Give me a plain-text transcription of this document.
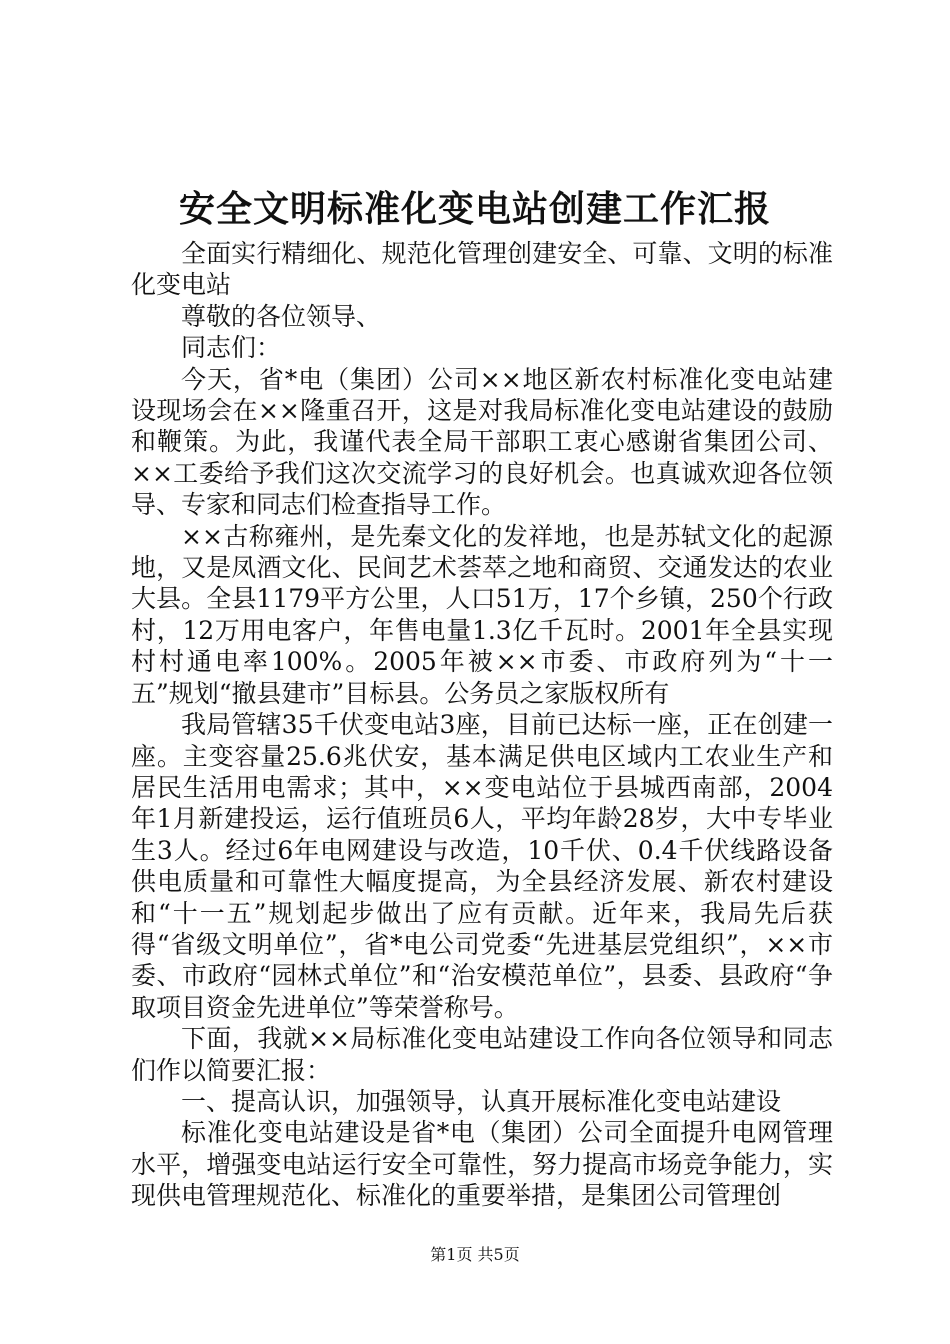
安全文明标准化变电站创建工作汇报

全面实行精细化、规范化管理创建安全、可靠、文明的标准化变电站

尊敬的各位领导、

同志们：

今天，省*电（集团）公司××地区新农村标准化变电站建设现场会在××隆重召开，这是对我局标准化变电站建设的鼓励和鞭策。为此，我谨代表全局干部职工衷心感谢省集团公司、××工委给予我们这次交流学习的良好机会。也真诚欢迎各位领导、专家和同志们检查指导工作。

××古称雍州，是先秦文化的发祥地，也是苏轼文化的起源地，又是凤酒文化、民间艺术荟萃之地和商贸、交通发达的农业大县。全县1179平方公里，人口51万，17个乡镇，250个行政村，12万用电客户，年售电量1.3亿千瓦时。2001年全县实现村村通电率100%。2005年被××市委、市政府列为“十一五”规划“撤县建市”目标县。公务员之家版权所有

我局管辖35千伏变电站3座，目前已达标一座，正在创建一座。主变容量25.6兆伏安，基本满足供电区域内工农业生产和居民生活用电需求；其中，××变电站位于县城西南部，2004年1月新建投运，运行值班员6人，平均年龄28岁，大中专毕业生3人。经过6年电网建设与改造，10千伏、0.4千伏线路设备供电质量和可靠性大幅度提高，为全县经济发展、新农村建设和“十一五”规划起步做出了应有贡献。近年来，我局先后获得“省级文明单位”，省*电公司党委“先进基层党组织”，××市委、市政府“园林式单位”和“治安模范单位”，县委、县政府“争取项目资金先进单位”等荣誉称号。

下面，我就××局标准化变电站建设工作向各位领导和同志们作以简要汇报：

一、提高认识，加强领导，认真开展标准化变电站建设

标准化变电站建设是省*电（集团）公司全面提升电网管理水平，增强变电站运行安全可靠性，努力提高市场竞争能力，实现供电管理规范化、标准化的重要举措，是集团公司管理创

第1页 共5页
